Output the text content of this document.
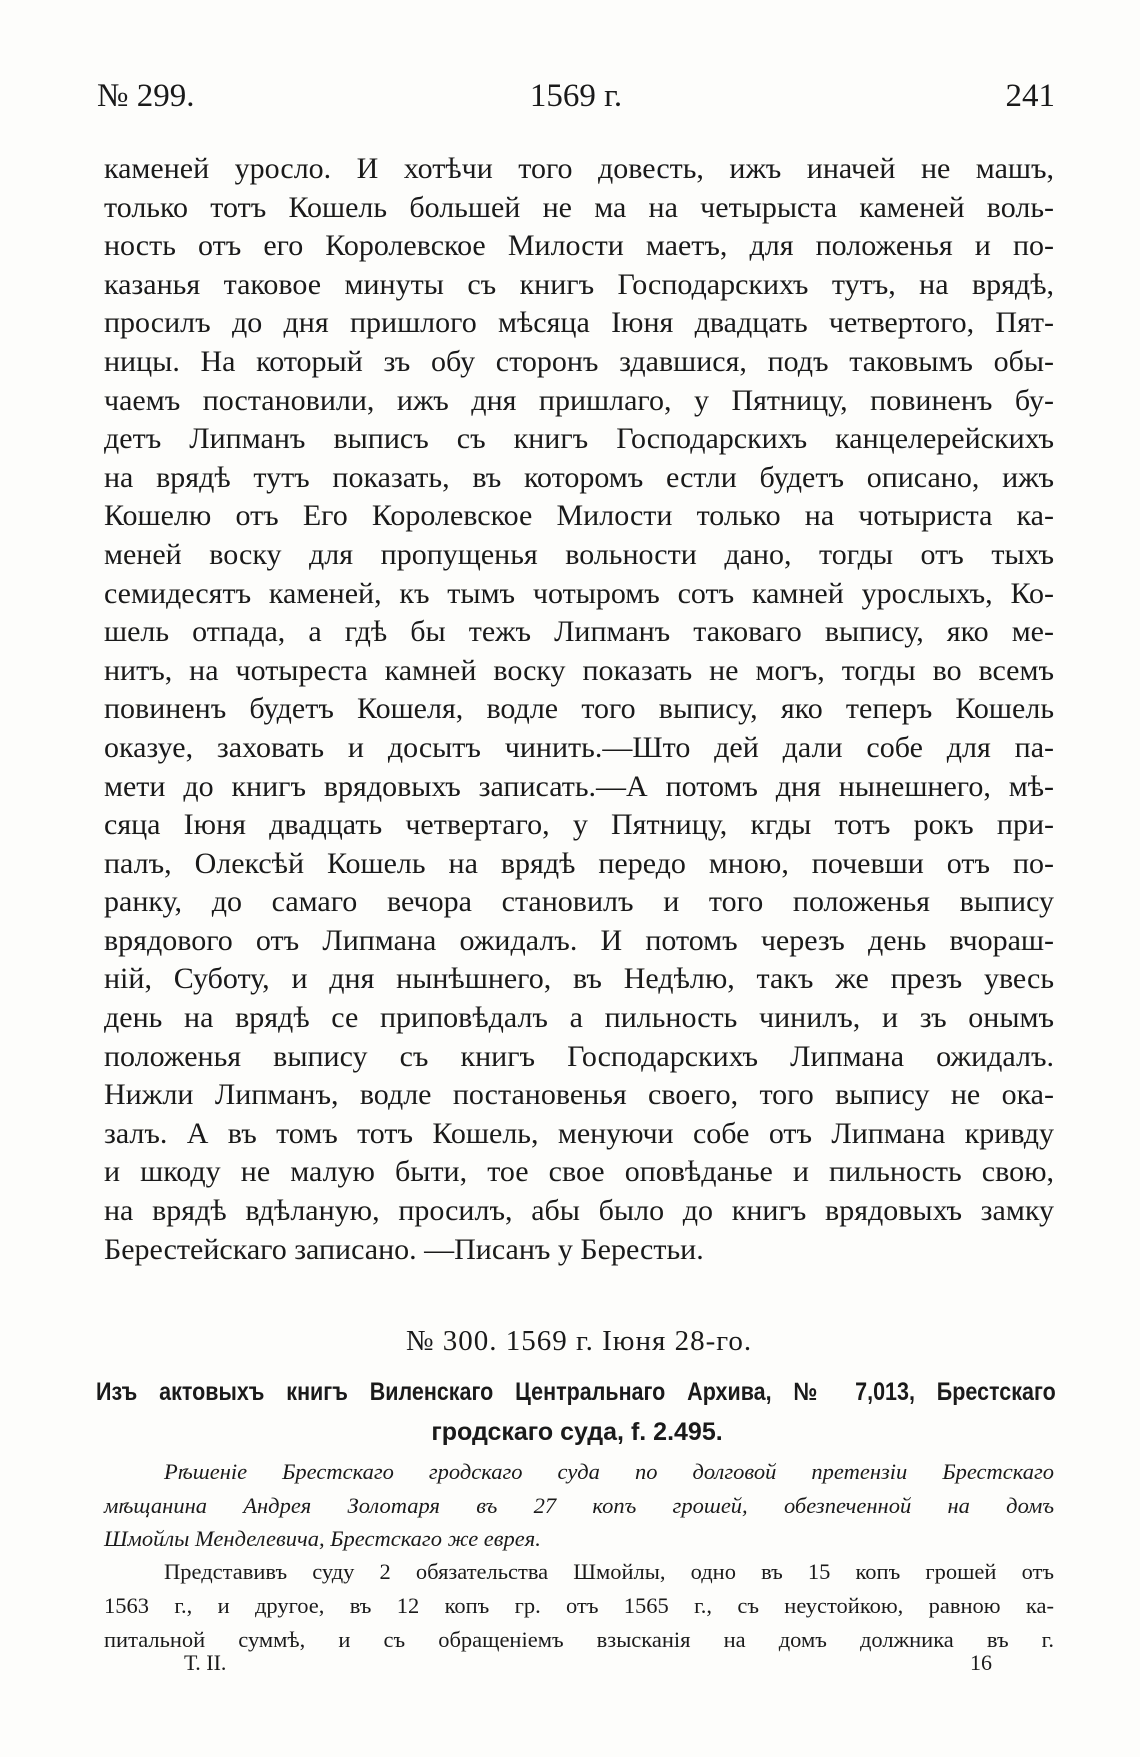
№ 299.	1569 г.	241
каменей уросло. И хотѣчи того довесть, ижъ иначей не машъ,
только тотъ Кошель большей не ма на четырыста каменей воль-
ность отъ его Королевское Милости маетъ, для положенья и по-
казанья таковое минуты съ книгъ Господарскихъ тутъ, на врядѣ,
просилъ до дня пришлого мѣсяца Іюня двадцать четвертого, Пят-
ницы. На который зъ обу сторонъ здавшися, подъ таковымъ обы-
чаемъ постановили, ижъ дня пришлаго, у Пятницу, повиненъ бу-
детъ Липманъ выписъ съ книгъ Господарскихъ канцелерейскихъ
на врядѣ тутъ показать, въ которомъ естли будетъ описано, ижъ
Кошелю отъ Его Королевское Милости только на чотыриста ка-
меней воску для пропущенья вольности дано, тогды отъ тыхъ
семидесятъ каменей, къ тымъ чотыромъ сотъ камней урослыхъ, Ко-
шель отпада, а гдѣ бы тежъ Липманъ таковаго выпису, яко ме-
нитъ, на чотыреста камней воску показать не могъ, тогды во всемъ
повиненъ будетъ Кошеля, водле того выпису, яко теперъ Кошель
оказуе, заховать и досытъ чинить.—Што дей дали собе для па-
мети до книгъ врядовыхъ записать.—А потомъ дня нынешнего, мѣ-
сяца Іюня двадцать четвертаго, у Пятницу, кгды тотъ рокъ при-
палъ, Олексѣй Кошель на врядѣ передо мною, почевши отъ по-
ранку, до самаго вечора становилъ и того положенья выпису
врядового отъ Липмана ожидалъ. И потомъ черезъ день вчораш-
ній, Суботу, и дня нынѣшнего, въ Недѣлю, такъ же презъ увесь
день на врядѣ се приповѣдалъ а пильность чинилъ, и зъ онымъ
положенья выпису съ книгъ Господарскихъ Липмана ожидалъ.
Нижли Липманъ, водле постановенья своего, того выпису не ока-
залъ. А въ томъ тотъ Кошель, менуючи собе отъ Липмана кривду
и шкоду не малую быти, тое свое оповѣданье и пильность свою,
на врядѣ вдѣланую, просилъ, абы было до книгъ врядовыхъ замку
Берестейскаго записано. —Писанъ у Берестьи.
№ 300. 1569 г. Іюня 28-го.
Изъ актовыхъ книгъ Виленскаго Центральнаго Архива, № 7,013, Брестскаго
гродскаго суда, f. 2.495.
Рѣшеніе Брестскаго гродскаго суда по долговой претензіи Брестскаго
мѣщанина Андрея Золотаря въ 27 копъ грошей, обезпеченной на домъ
Шмойлы Менделевича, Брестскаго же еврея.
Представивъ суду 2 обязательства Шмойлы, одно въ 15 копъ грошей отъ
1563 г., и другое, въ 12 копъ гр. отъ 1565 г., съ неустойкою, равною ка-
питальной суммѣ, и съ обращеніемъ взысканія на домъ должника въ г.
Т. II.	16
